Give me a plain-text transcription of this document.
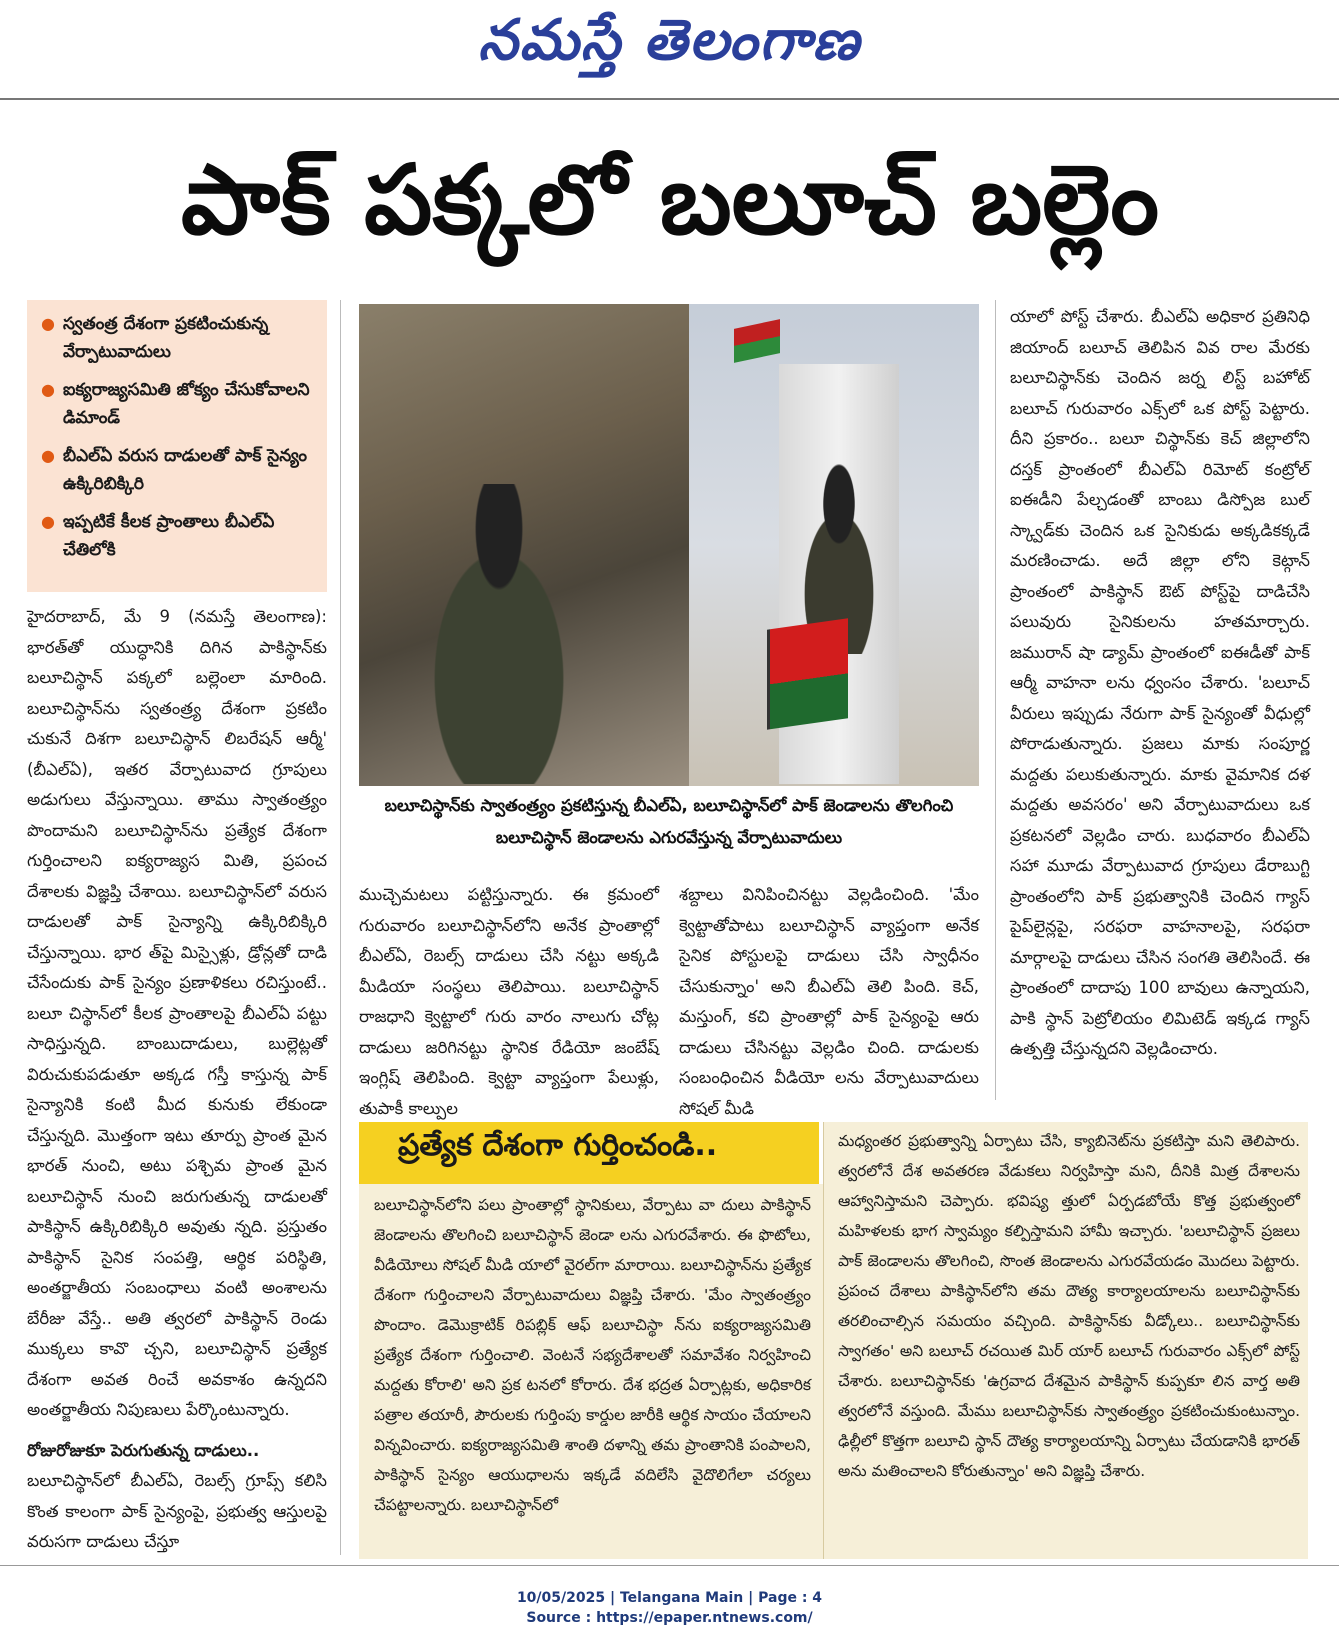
నమస్తే తెలంగాణ
పాక్ పక్కలో బలూచ్ బల్లెం
● స్వతంత్ర దేశంగా ప్రకటించుకున్న వేర్పాటువాదులు
● ఐక్యరాజ్యసమితి జోక్యం చేసుకోవాలని డిమాండ్
● బీఎల్ఏ వరుస దాడులతో పాక్ సైన్యం ఉక్కిరిబిక్కిరి
● ఇప్పటికే కీలక ప్రాంతాలు బీఎల్ఏ చేతిలోకి
హైదరాబాద్, మే 9 (నమస్తే తెలంగాణ): భారత్‌తో యుద్ధానికి దిగిన పాకిస్థాన్‌కు బలూచిస్థాన్ పక్కలో బల్లెంలా మారింది. బలూచిస్థాన్‌ను స్వతంత్ర్య దేశంగా ప్రకటిం చుకునే దిశగా బలూచిస్థాన్ లిబరేషన్ ఆర్మీ' (బీఎల్‌ఏ), ఇతర వేర్పాటువాద గ్రూపులు అడుగులు వేస్తున్నాయి. తాము స్వాతంత్ర్యం పొందామని బలూచిస్థాన్‌ను ప్రత్యేక దేశంగా గుర్తించాలని ఐక్యరాజ్యస మితి, ప్రపంచ దేశాలకు విజ్ఞప్తి చేశాయి. బలూచిస్థాన్‌లో వరుస దాడులతో పాక్ సైన్యాన్ని ఉక్కిరిబిక్కిరి చేస్తున్నాయి. భార త్‌పై మిస్సైళ్లు, డ్రోన్లతో దాడి చేసేందుకు పాక్ సైన్యం ప్రణాళికలు రచిస్తుంటే.. బలూ చిస్థాన్‌లో కీలక ప్రాంతాలపై బీఎల్‌ఏ పట్టు సాధిస్తున్నది. బాంబుదాడులు, బుల్లెట్లతో విరుచుకుపడుతూ అక్కడ గస్తీ కాస్తున్న పాక్ సైన్యానికి కంటి మీద కునుకు లేకుండా చేస్తున్నది. మొత్తంగా ఇటు తూర్పు ప్రాంత మైన భారత్ నుంచి, అటు పశ్చిమ ప్రాంత మైన బలూచిస్థాన్ నుంచి జరుగుతున్న దాడులతో పాకిస్థాన్ ఉక్కిరిబిక్కిరి అవుతు న్నది. ప్రస్తుతం పాకిస్థాన్ సైనిక సంపత్తి, ఆర్థిక పరిస్థితి, అంతర్జాతీయ సంబంధాలు వంటి అంశాలను బేరీజు వేస్తే.. అతి త్వరలో పాకిస్థాన్ రెండు ముక్కలు కావొ చ్చని, బలూచిస్థాన్ ప్రత్యేక దేశంగా అవత రించే అవకాశం ఉన్నదని అంతర్జాతీయ నిపుణులు పేర్కొంటున్నారు.
రోజురోజుకూ పెరుగుతున్న దాడులు..
బలూచిస్థాన్‌లో బీఎల్‌ఏ, రెబల్స్ గ్రూప్స్ కలిసి కొంత కాలంగా పాక్ సైన్యంపై, ప్రభుత్వ ఆస్తులపై వరుసగా దాడులు చేస్తూ
బలూచిస్థాన్‌కు స్వాతంత్ర్యం ప్రకటిస్తున్న బీఎల్ఏ, బలూచిస్థాన్‌లో పాక్ జెండాలను తొలగించి బలూచిస్థాన్ జెండాలను ఎగురవేస్తున్న వేర్పాటువాదులు
ముచ్చెమటలు పట్టిస్తున్నారు. ఈ క్రమంలో గురువారం బలూచిస్థాన్‌లోని అనేక ప్రాంతాల్లో బీఎల్‌ఏ, రెబల్స్ దాడులు చేసి నట్టు అక్కడి మీడియా సంస్థలు తెలిపాయి. బలూచిస్థాన్ రాజధాని క్వెట్టాలో గురు వారం నాలుగు చోట్ల దాడులు జరిగినట్టు స్థానిక రేడియో జంబేష్ ఇంగ్లిష్ తెలిపింది. క్వెట్టా వ్యాప్తంగా పేలుళ్లు, తుపాకీ కాల్పుల
శబ్దాలు వినిపించినట్టు వెల్లడించింది. 'మేం క్వెట్టాతోపాటు బలూచిస్థాన్ వ్యాప్తంగా అనేక సైనిక పోస్టులపై దాడులు చేసి స్వాధీనం చేసుకున్నాం' అని బీఎల్‌ఏ తెలి పింది. కెచ్, మస్తుంగ్, కచి ప్రాంతాల్లో పాక్ సైన్యంపై ఆరు దాడులు చేసినట్టు వెల్లడిం చింది. దాడులకు సంబంధించిన వీడియో లను వేర్పాటువాదులు సోషల్ మీడి
యాలో పోస్ట్ చేశారు. బీఎల్‌ఏ అధికార ప్రతినిధి జియాంద్ బలూచ్ తెలిపిన వివ రాల మేరకు బలూచిస్థాన్‌కు చెందిన జర్న లిస్ట్ బహోట్ బలూచ్ గురువారం ఎక్స్‌లో ఒక పోస్ట్ పెట్టారు. దీని ప్రకారం.. బలూ చిస్థాన్‌కు కెచ్ జిల్లాలోని దస్తక్ ప్రాంతంలో బీఎల్‌ఏ రిమోట్ కంట్రోల్ ఐఈడీని పేల్చడంతో బాంబు డిస్పోజ బుల్ స్క్వాడ్‌కు చెందిన ఒక సైనికుడు అక్కడికక్కడే మరణించాడు. అదే జిల్లా లోని కెట్గాన్ ప్రాంతంలో పాకిస్థాన్ ఔట్ పోస్ట్‌పై దాడిచేసి పలువురు సైనికులను హతమార్చారు. జమురాన్ షా డ్యామ్ ప్రాంతంలో ఐఈడీతో పాక్ ఆర్మీ వాహనా లను ధ్వంసం చేశారు. 'బలూచ్ వీరులు ఇప్పుడు నేరుగా పాక్ సైన్యంతో వీధుల్లో పోరాడుతున్నారు. ప్రజలు మాకు సంపూర్ణ మద్దతు పలుకుతున్నారు. మాకు వైమానిక దళ మద్దతు అవసరం' అని వేర్పాటువాదులు ఒక ప్రకటనలో వెల్లడిం చారు. బుధవారం బీఎల్‌ఏ సహా మూడు వేర్పాటువాద గ్రూపులు డేరాబుగ్టి ప్రాంతంలోని పాక్ ప్రభుత్వానికి చెందిన గ్యాస్ పైప్‌లైన్లపై, సరఫరా వాహనాలపై, సరఫరా మార్గాలపై దాడులు చేసిన సంగతి తెలిసిందే. ఈ ప్రాంతంలో దాదాపు 100 బావులు ఉన్నాయని, పాకి స్థాన్ పెట్రోలియం లిమిటెడ్ ఇక్కడ గ్యాస్ ఉత్పత్తి చేస్తున్నదని వెల్లడించారు.
ప్రత్యేక దేశంగా గుర్తించండి..
బలూచిస్థాన్‌లోని పలు ప్రాంతాల్లో స్థానికులు, వేర్పాటు వా దులు పాకిస్థాన్ జెండాలను తొలగించి బలూచిస్థాన్ జెండా లను ఎగురవేశారు. ఈ ఫొటోలు, వీడియోలు సోషల్ మీడి యాలో వైరల్‌గా మారాయి. బలూచిస్థాన్‌ను ప్రత్యేక దేశంగా గుర్తించాలని వేర్పాటువాదులు విజ్ఞప్తి చేశారు. 'మేం స్వాతంత్ర్యం పొందాం. డెమొక్రాటిక్ రిపబ్లిక్ ఆఫ్ బలూచిస్థా న్‌ను ఐక్యరాజ్యసమితి ప్రత్యేక దేశంగా గుర్తించాలి. వెంటనే సభ్యదేశాలతో సమావేశం నిర్వహించి మద్దతు కోరాలి' అని ప్రక టనలో కోరారు. దేశ భద్రత ఏర్పాట్లకు, అధికారిక పత్రాల తయారీ, పౌరులకు గుర్తింపు కార్డుల జారీకి ఆర్థిక సాయం చేయాలని విన్నవించారు. ఐక్యరాజ్యసమితి శాంతి దళాన్ని తమ ప్రాంతానికి పంపాలని, పాకిస్థాన్ సైన్యం ఆయుధాలను ఇక్కడే వదిలేసి వైదొలిగేలా చర్యలు చేపట్టాలన్నారు. బలూచిస్థాన్‌లో
మధ్యంతర ప్రభుత్వాన్ని ఏర్పాటు చేసి, క్యాబినెట్‌ను ప్రకటిస్తా మని తెలిపారు. త్వరలోనే దేశ అవతరణ వేడుకలు నిర్వహిస్తా మని, దీనికి మిత్ర దేశాలను ఆహ్వానిస్తామని చెప్పారు. భవిష్య త్తులో ఏర్పడబోయే కొత్త ప్రభుత్వంలో మహిళలకు భాగ స్వామ్యం కల్పిస్తామని హామీ ఇచ్చారు. 'బలూచిస్థాన్ ప్రజలు పాక్ జెండాలను తొలగించి, సొంత జెండాలను ఎగురవేయడం మొదలు పెట్టారు. ప్రపంచ దేశాలు పాకిస్థాన్‌లోని తమ దౌత్య కార్యాలయాలను బలూచిస్థాన్‌కు తరలించాల్సిన సమయం వచ్చింది. పాకిస్థాన్‌కు వీడ్కోలు.. బలూచిస్థాన్‌కు స్వాగతం' అని బలూచ్ రచయిత మిర్ యార్ బలూచ్ గురువారం ఎక్స్‌లో పోస్ట్ చేశారు. బలూచిస్థాన్‌కు 'ఉగ్రవాద దేశమైన పాకిస్థాన్ కుప్పకూ లిన వార్త అతి త్వరలోనే వస్తుంది. మేము బలూచిస్థాన్‌కు స్వాతంత్ర్యం ప్రకటించుకుంటున్నాం. ఢిల్లీలో కొత్తగా బలూచి స్థాన్ దౌత్య కార్యాలయాన్ని ఏర్పాటు చేయడానికి భారత్ అను మతించాలని కోరుతున్నాం' అని విజ్ఞప్తి చేశారు.
10/05/2025 | Telangana Main | Page : 4
Source : https://epaper.ntnews.com/
